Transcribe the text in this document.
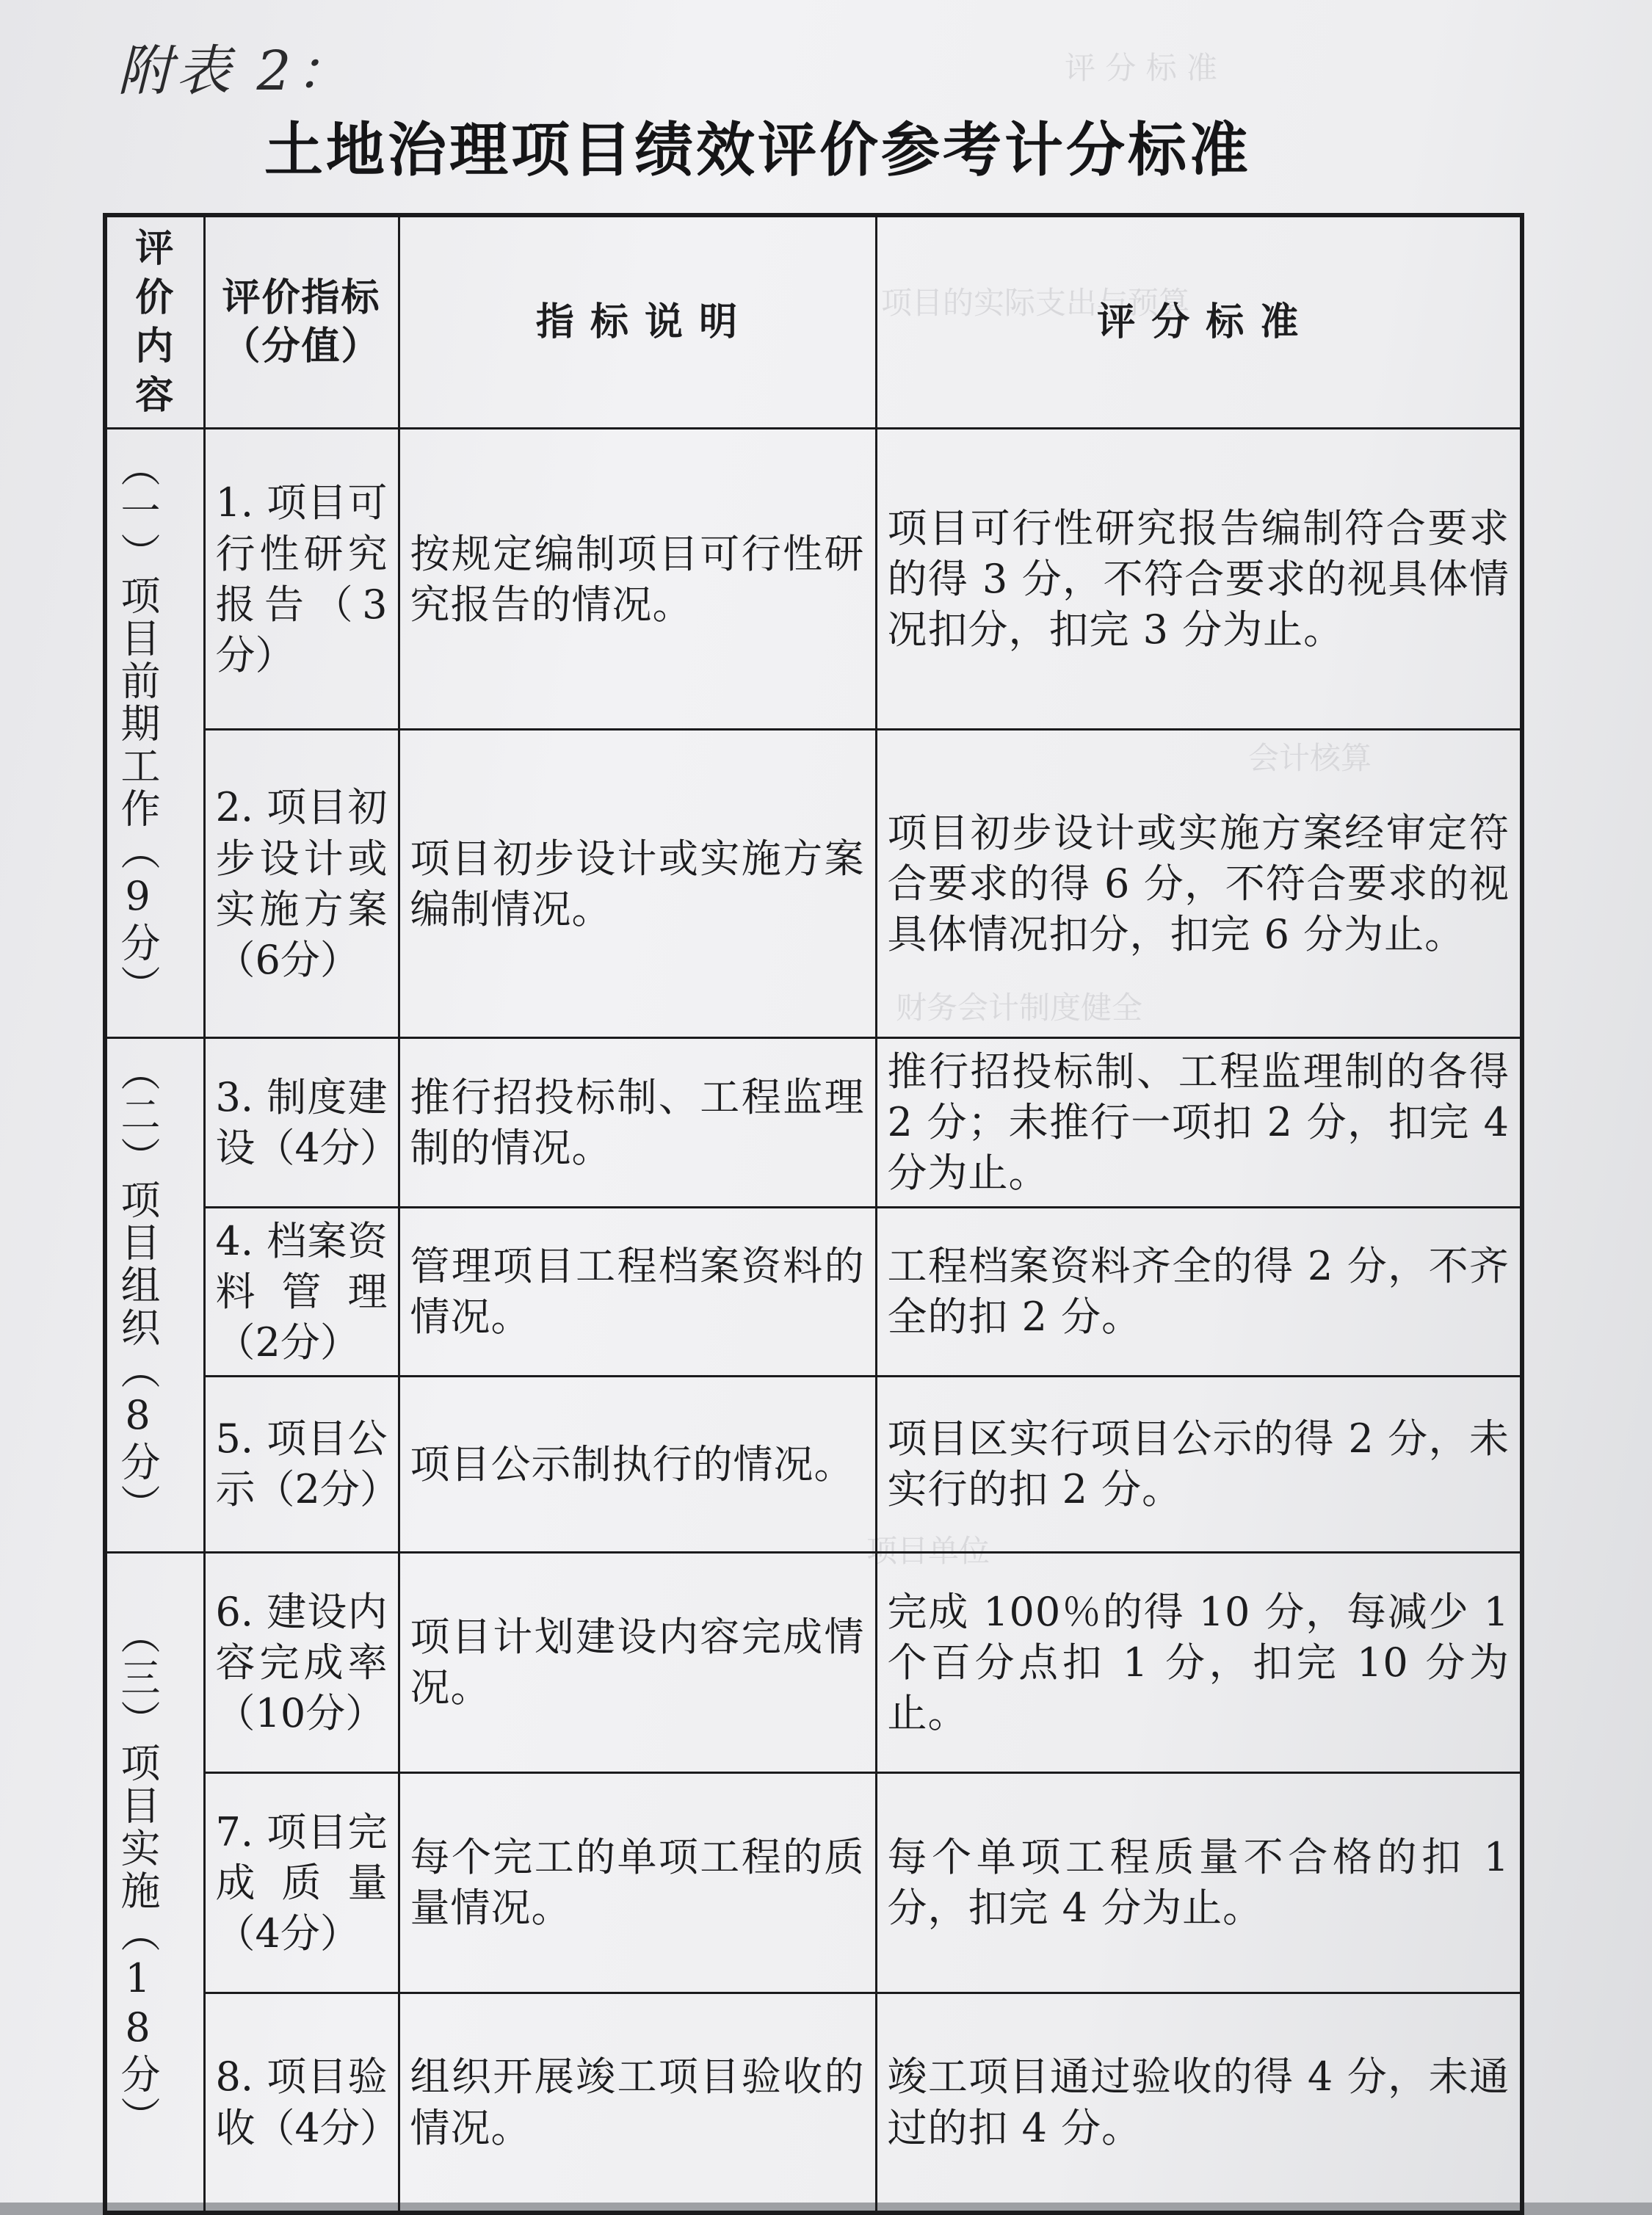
评 分 标 准
项目的实际支出与预算
会计核算
财务会计制度健全
项目单位
附表 2：
土地治理项目绩效评价参考计分标准
评价内容	评价指标（分值）	指 标 说 明	评 分 标 准
（一）项目前期工作（9分）	1. 项目可行性研究报告（3分）	按规定编制项目可行性研究报告的情况。	项目可行性研究报告编制符合要求的得 3 分，不符合要求的视具体情况扣分，扣完 3 分为止。
	2. 项目初步设计或实施方案（6分）	项目初步设计或实施方案编制情况。	项目初步设计或实施方案经审定符合要求的得 6 分，不符合要求的视具体情况扣分，扣完 6 分为止。
（二）项目组织（8分）	3. 制度建设（4分）	推行招投标制、工程监理制的情况。	推行招投标制、工程监理制的各得 2 分；未推行一项扣 2 分，扣完 4 分为止。
	4. 档案资料管理（2分）	管理项目工程档案资料的情况。	工程档案资料齐全的得 2 分，不齐全的扣 2 分。
	5. 项目公示（2分）	项目公示制执行的情况。	项目区实行项目公示的得 2 分，未实行的扣 2 分。
（三）项目实施（18分）	6. 建设内容完成率（10分）	项目计划建设内容完成情况。	完成 100％的得 10 分，每减少 1 个百分点扣 1 分，扣完 10 分为止。
	7. 项目完成质量（4分）	每个完工的单项工程的质量情况。	每个单项工程质量不合格的扣 1 分，扣完 4 分为止。
	8. 项目验收（4分）	组织开展竣工项目验收的情况。	竣工项目通过验收的得 4 分，未通过的扣 4 分。
